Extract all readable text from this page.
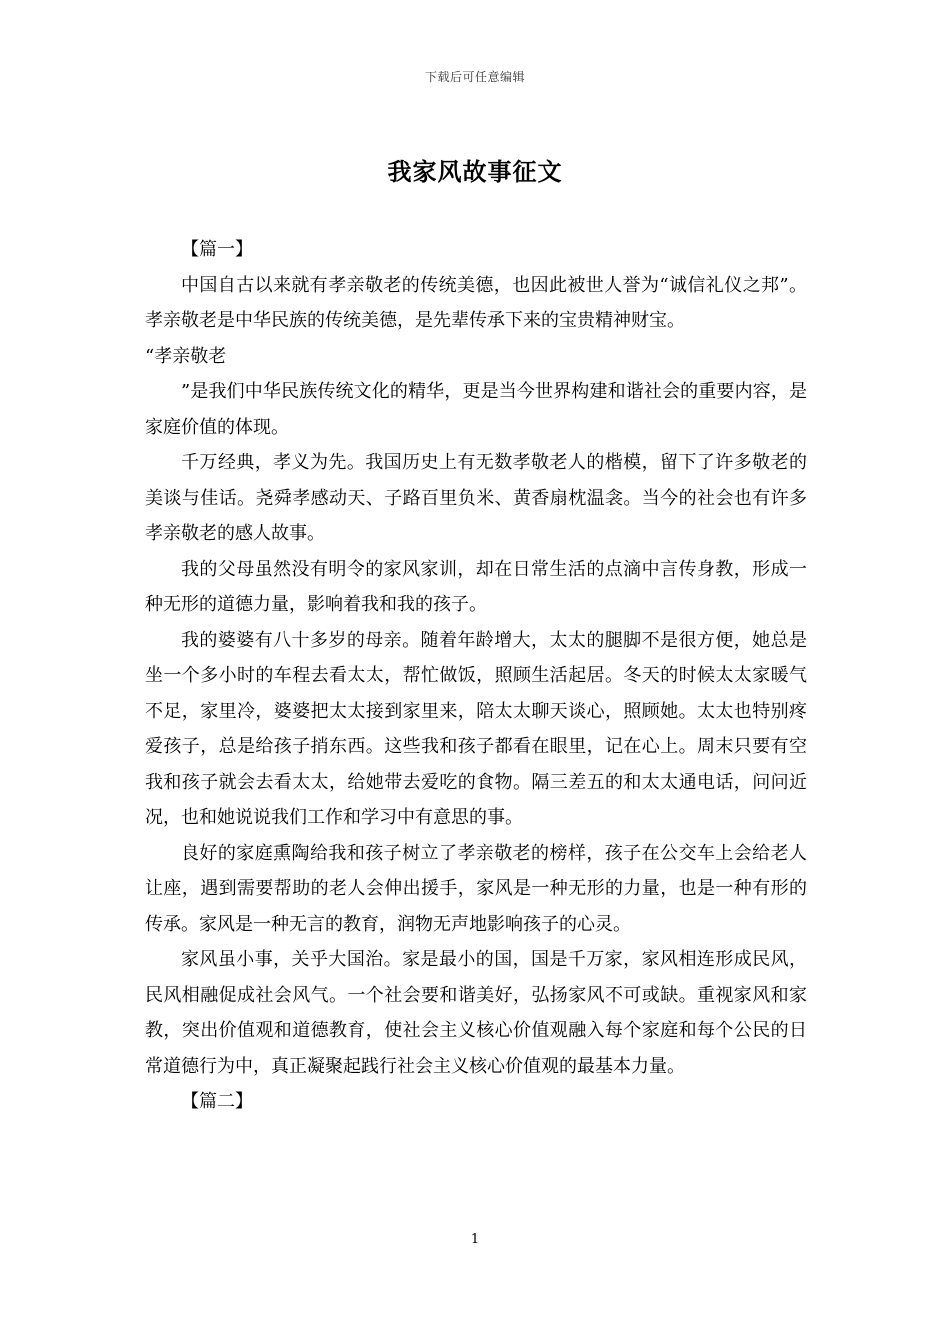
下载后可任意编辑
我家风故事征文

【篇一】

中国自古以来就有孝亲敬老的传统美德，也因此被世人誉为“诚信礼仪之邦”。孝亲敬老是中华民族的传统美德，是先辈传承下来的宝贵精神财宝。

“孝亲敬老

”是我们中华民族传统文化的精华，更是当今世界构建和谐社会的重要内容，是家庭价值的体现。

千万经典，孝义为先。我国历史上有无数孝敬老人的楷模，留下了许多敬老的美谈与佳话。尧舜孝感动天、子路百里负米、黄香扇枕温衾。当今的社会也有许多孝亲敬老的感人故事。

我的父母虽然没有明令的家风家训，却在日常生活的点滴中言传身教，形成一种无形的道德力量，影响着我和我的孩子。

我的婆婆有八十多岁的母亲。随着年龄增大，太太的腿脚不是很方便，她总是坐一个多小时的车程去看太太，帮忙做饭，照顾生活起居。冬天的时候太太家暖气不足，家里冷，婆婆把太太接到家里来，陪太太聊天谈心，照顾她。太太也特别疼爱孩子，总是给孩子捎东西。这些我和孩子都看在眼里，记在心上。周末只要有空我和孩子就会去看太太，给她带去爱吃的食物。隔三差五的和太太通电话，问问近况，也和她说说我们工作和学习中有意思的事。

良好的家庭熏陶给我和孩子树立了孝亲敬老的榜样，孩子在公交车上会给老人让座，遇到需要帮助的老人会伸出援手，家风是一种无形的力量，也是一种有形的传承。家风是一种无言的教育，润物无声地影响孩子的心灵。

家风虽小事，关乎大国治。家是最小的国，国是千万家，家风相连形成民风，民风相融促成社会风气。一个社会要和谐美好，弘扬家风不可或缺。重视家风和家教，突出价值观和道德教育，使社会主义核心价值观融入每个家庭和每个公民的日常道德行为中，真正凝聚起践行社会主义核心价值观的最基本力量。

【篇二】

1
